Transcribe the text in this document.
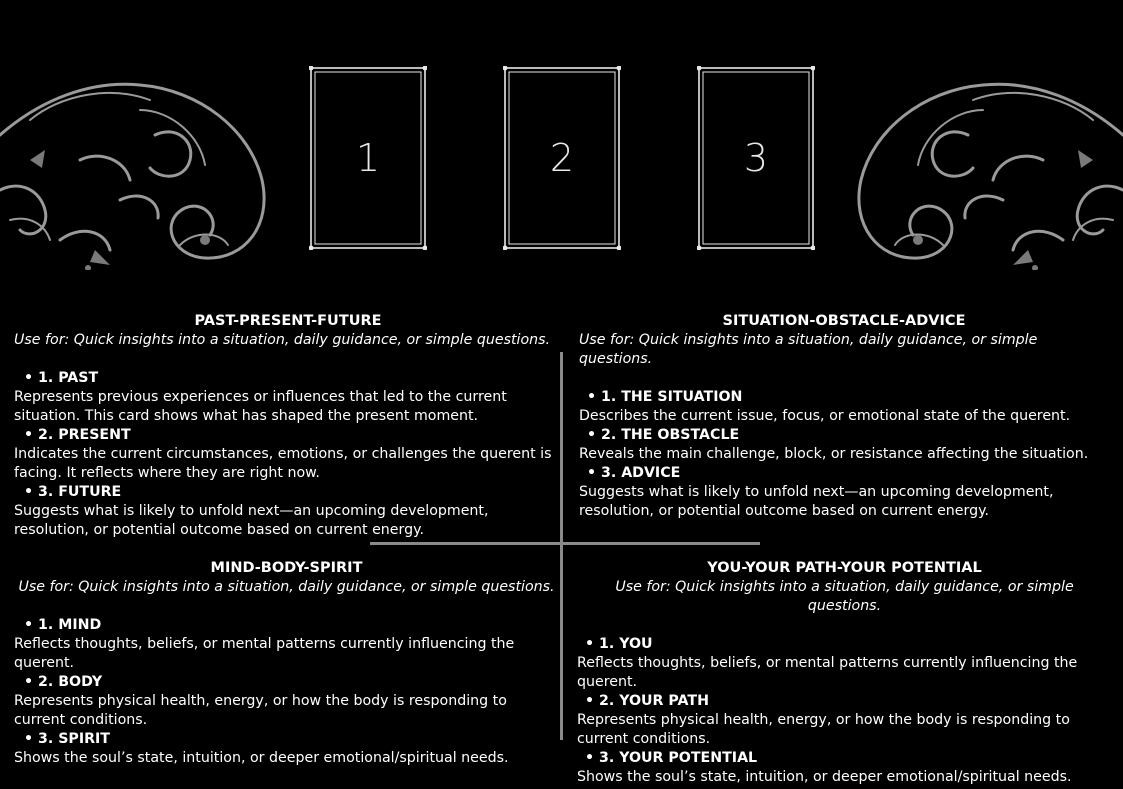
1	2	3
PAST-PRESENT-FUTURE
Use for: Quick insights into a situation, daily guidance, or simple questions.
• 1. PAST
Represents previous experiences or influences that led to the current situation. This card shows what has shaped the present moment.
• 2. PRESENT
Indicates the current circumstances, emotions, or challenges the querent is facing. It reflects where they are right now.
• 3. FUTURE
Suggests what is likely to unfold next—an upcoming development, resolution, or potential outcome based on current energy.
SITUATION-OBSTACLE-ADVICE
Use for: Quick insights into a situation, daily guidance, or simple questions.
• 1. THE SITUATION
Describes the current issue, focus, or emotional state of the querent.
• 2. THE OBSTACLE
Reveals the main challenge, block, or resistance affecting the situation.
• 3. ADVICE
Suggests what is likely to unfold next—an upcoming development, resolution, or potential outcome based on current energy.
MIND-BODY-SPIRIT
Use for: Quick insights into a situation, daily guidance, or simple questions.
• 1. MIND
Reflects thoughts, beliefs, or mental patterns currently influencing the querent.
• 2. BODY
Represents physical health, energy, or how the body is responding to current conditions.
• 3. SPIRIT
Shows the soul’s state, intuition, or deeper emotional/spiritual needs.
YOU-YOUR PATH-YOUR POTENTIAL
Use for: Quick insights into a situation, daily guidance, or simple questions.
• 1. YOU
Reflects thoughts, beliefs, or mental patterns currently influencing the querent.
• 2. YOUR PATH
Represents physical health, energy, or how the body is responding to current conditions.
• 3. YOUR POTENTIAL
Shows the soul’s state, intuition, or deeper emotional/spiritual needs.
